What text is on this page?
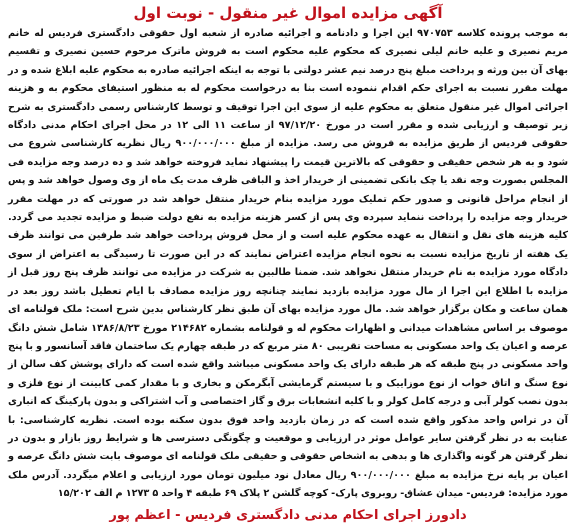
آگهی مزایده اموال غیر منقول - نوبت اول

به موجب پرونده کلاسه ۹۷۰۷۵۳ این اجرا و دادنامه و اجرائیه صادره از شعبه اول حقوقی دادگستری فردیس له خانم مریم نصیری و علیه خانم لیلی نصیری که محکوم علیه محکوم است به فروش ماترک مرحوم حسین نصیری و تقسیم بهای آن بین ورثه و پرداخت مبلغ پنج درصد نیم عشر دولتی با توجه به اینکه اجرائیه صادره به محکوم علیه ابلاغ شده و در مهلت مقرر نسبت به اجرای حکم اقدام ننموده است بنا به درخواست محکوم له به منظور استیفای محکوم به و هزینه اجرائی اموال غیر منقول متعلق به محکوم علیه از سوی این اجرا توقیف و توسط کارشناس رسمی دادگستری به شرح زیر توصیف و ارزیابی شده و مقرر است در مورخ ۹۷/۱۲/۲۰ از ساعت ۱۱ الی ۱۲ در محل اجرای احکام مدنی دادگاه حقوقی فردیس از طریق مزایده به فروش می رسد. مزایده از مبلغ ۹۰۰/۰۰۰/۰۰۰ ریال نظریه کارشناسی شروع می شود و به هر شخص حقیقی و حقوقی که بالاترین قیمت را پیشنهاد نماید فروخته خواهد شد و ده درصد وجه مزایده فی المجلس بصورت وجه نقد یا چک بانکی تضمینی از خریدار اخذ و الباقی ظرف مدت یک ماه از وی وصول خواهد شد و پس از انجام مراحل قانونی و صدور حکم تملیک مورد مزایده بنام خریدار منتقل خواهد شد در صورتی که در مهلت مقرر خریدار وجه مزایده را پرداخت ننماید سپرده وی پس از کسر هزینه مزایده به نفع دولت ضبط و مزایده تجدید می گردد. کلیه هزینه های نقل و انتقال به عهده محکوم علیه است و از محل فروش پرداخت خواهد شد طرفین می توانند ظرف یک هفته از تاریخ مزایده نسبت به نحوه انجام مزایده اعتراض نمایند که در این صورت تا رسیدگی به اعتراض از سوی دادگاه مورد مزایده به نام خریدار منتقل نخواهد شد. ضمنا طالبین به شرکت در مزایده می توانند ظرف پنج روز قبل از مزایده با اطلاع این اجرا از مال مورد مزایده بازدید نمایند چنانچه روز مزایده مصادف با ایام تعطیل باشد روز بعد در همان ساعت و مکان برگزار خواهد شد. مال مورد مزایده بهای آن طبق نظر کارشناس بدین شرح است: ملک قولنامه ای موصوف بر اساس مشاهدات میدانی و اظهارات محکوم له و قولنامه بشماره ۲۱۴۶۸۲ مورخ ۱۳۸۶/۸/۲۳ شامل شش دانگ عرصه و اعیان یک واحد مسکونی به مساحت تقریبی ۸۰ متر مربع که در طبقه چهارم یک ساختمان فاقد آسانسور و با پنج واحد مسکونی در پنج طبقه که هر طبقه دارای یک واحد مسکونی میباشد واقع شده است که دارای پوشش کف سالن از نوع سنگ و اتاق خواب از نوع موزاییک و با سیستم گرمایشی آبگرمکن و بخاری و با مقدار کمی کابینت از نوع فلزی و بدون نصب کولر آبی و درجه کامل کولر و با کلیه انشعابات برق و گاز اختصاصی و آب اشتراکی و بدون پارکینگ که انباری آن در تراس واحد مذکور واقع شده است که در زمان بازدید واحد فوق بدون سکنه بوده است. نظریه کارشناسی: با عنایت به در نظر گرفتن سایر عوامل موثر در ارزیابی و موقعیت و چگونگی دسترسی ها و شرایط روز بازار و بدون در نظر گرفتن هر گونه واگذاری ها و بدهی به اشخاص حقوقی و حقیقی ملک قولنامه ای موصوف بابت شش دانگ عرصه و اعیان بر پایه نرخ مزایده به مبلغ ۹۰۰/۰۰۰/۰۰۰ ریال معادل نود میلیون تومان مورد ارزیابی و اعلام میگردد. آدرس ملک مورد مزایده: فردیس- میدان عشاق- روبروی پارک- کوچه گلشن ۲ پلاک ۶۹ طبقه ۴ واحد ۵ ۱۲۷۳ م الف ۱۵/۲۰۲

دادورز اجرای احکام مدنی دادگستری فردیس - اعظم پور
